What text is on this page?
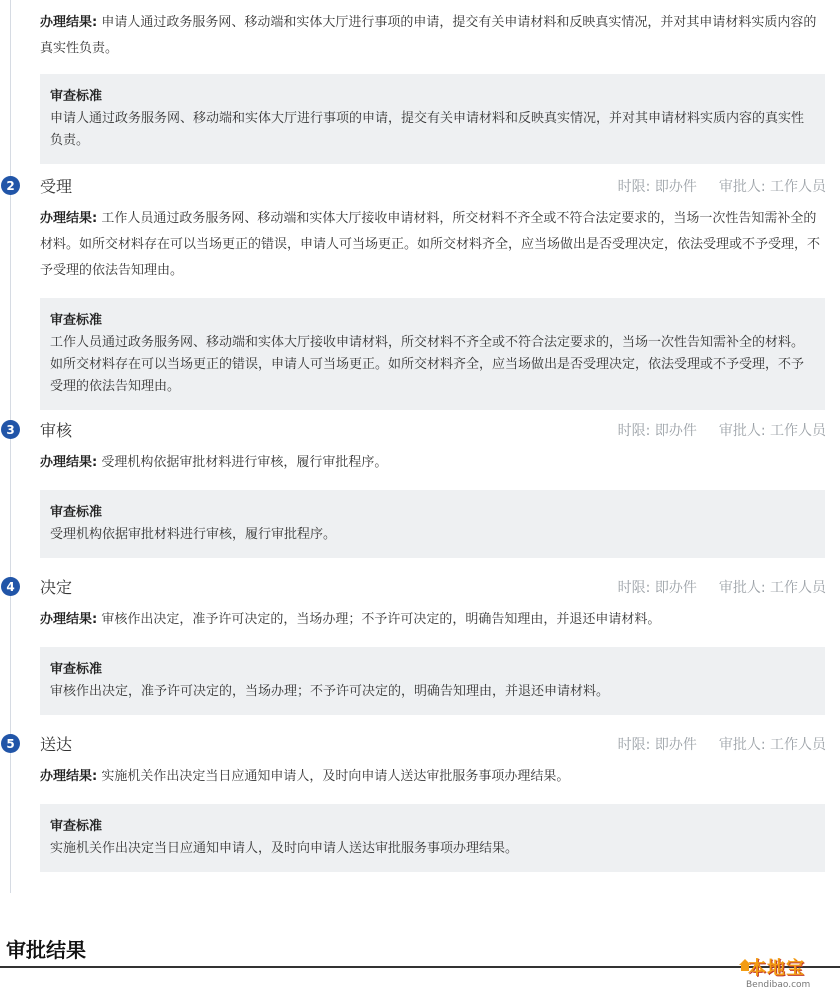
办理结果: 申请人通过政务服务网、移动端和实体大厅进行事项的申请，提交有关申请材料和反映真实情况，并对其申请材料实质内容的真实性负责。
审查标准
申请人通过政务服务网、移动端和实体大厅进行事项的申请，提交有关申请材料和反映真实情况，并对其申请材料实质内容的真实性负责。
2	受理	时限: 即办件 审批人: 工作人员
办理结果: 工作人员通过政务服务网、移动端和实体大厅接收申请材料，所交材料不齐全或不符合法定要求的，当场一次性告知需补全的材料。如所交材料存在可以当场更正的错误，申请人可当场更正。如所交材料齐全，应当场做出是否受理决定，依法受理或不予受理，不予受理的依法告知理由。
审查标准
工作人员通过政务服务网、移动端和实体大厅接收申请材料，所交材料不齐全或不符合法定要求的，当场一次性告知需补全的材料。如所交材料存在可以当场更正的错误，申请人可当场更正。如所交材料齐全，应当场做出是否受理决定，依法受理或不予受理，不予受理的依法告知理由。
3	审核	时限: 即办件 审批人: 工作人员
办理结果: 受理机构依据审批材料进行审核，履行审批程序。
审查标准
受理机构依据审批材料进行审核，履行审批程序。
4	决定	时限: 即办件 审批人: 工作人员
办理结果: 审核作出决定，准予许可决定的，当场办理；不予许可决定的，明确告知理由，并退还申请材料。
审查标准
审核作出决定，准予许可决定的，当场办理；不予许可决定的，明确告知理由，并退还申请材料。
5	送达	时限: 即办件 审批人: 工作人员
办理结果: 实施机关作出决定当日应通知申请人，及时向申请人送达审批服务事项办理结果。
审查标准
实施机关作出决定当日应通知申请人，及时向申请人送达审批服务事项办理结果。
审批结果
本地宝
Bendibao.com
